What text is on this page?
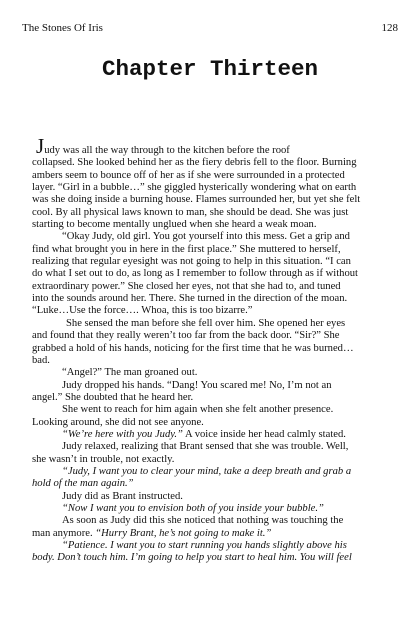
The Stones Of Iris	128
Chapter Thirteen

Judy was all the way through to the kitchen before the roof

collapsed. She looked behind her as the fiery debris fell to the floor. Burning

ambers seem to bounce off of her as if she were surrounded in a protected

layer. “Girl in a bubble…” she giggled hysterically wondering what on earth

was she doing inside a burning house. Flames surrounded her, but yet she felt

cool. By all physical laws known to man, she should be dead. She was just

starting to become mentally unglued when she heard a weak moan.

“Okay Judy, old girl. You got yourself into this mess. Get a grip and

find what brought you in here in the first place.” She muttered to herself,

realizing that regular eyesight was not going to help in this situation. “I can

do what I set out to do, as long as I remember to follow through as if without

extraordinary power.” She closed her eyes, not that she had to, and tuned

into the sounds around her. There. She turned in the direction of the moan.

“Luke…Use the force…. Whoa, this is too bizarre.”

She sensed the man before she fell over him. She opened her eyes

and found that they really weren’t too far from the back door. “Sir?” She

grabbed a hold of his hands, noticing for the first time that he was burned…

bad.

“Angel?” The man groaned out.

Judy dropped his hands. “Dang! You scared me! No, I’m not an

angel.” She doubted that he heard her.

She went to reach for him again when she felt another presence.

Looking around, she did not see anyone.

“We’re here with you Judy.” A voice inside her head calmly stated.

Judy relaxed, realizing that Brant sensed that she was trouble. Well,

she wasn’t in trouble, not exactly.

“Judy, I want you to clear your mind, take a deep breath and grab a

hold of the man again.”

Judy did as Brant instructed.

“Now I want you to envision both of you inside your bubble.”

As soon as Judy did this she noticed that nothing was touching the

man anymore. “Hurry Brant, he’s not going to make it.”

“Patience. I want you to start running you hands slightly above his

body. Don’t touch him. I’m going to help you start to heal him. You will feel
